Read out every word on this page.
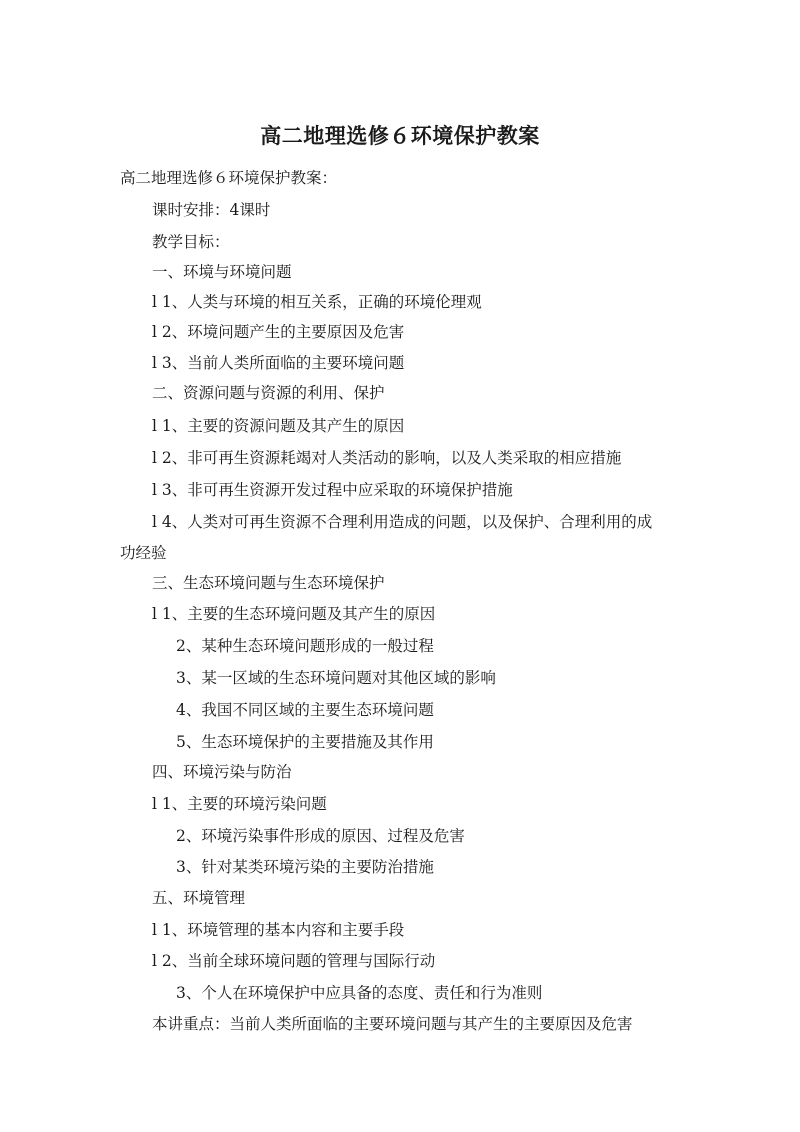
高二地理选修６环境保护教案
高二地理选修６环境保护教案：
课时安排：4课时
教学目标：
一、环境与环境问题
l 1、人类与环境的相互关系，正确的环境伦理观
l 2、环境问题产生的主要原因及危害
l 3、当前人类所面临的主要环境问题
二、资源问题与资源的利用、保护
l 1、主要的资源问题及其产生的原因
l 2、非可再生资源耗竭对人类活动的影响，以及人类采取的相应措施
l 3、非可再生资源开发过程中应采取的环境保护措施
l 4、人类对可再生资源不合理利用造成的问题，以及保护、合理利用的成
功经验
三、生态环境问题与生态环境保护
l 1、主要的生态环境问题及其产生的原因
2、某种生态环境问题形成的一般过程
3、某一区域的生态环境问题对其他区域的影响
4、我国不同区域的主要生态环境问题
5、生态环境保护的主要措施及其作用
四、环境污染与防治
l 1、主要的环境污染问题
2、环境污染事件形成的原因、过程及危害
3、针对某类环境污染的主要防治措施
五、环境管理
l 1、环境管理的基本内容和主要手段
l 2、当前全球环境问题的管理与国际行动
3、个人在环境保护中应具备的态度、责任和行为准则
本讲重点：当前人类所面临的主要环境问题与其产生的主要原因及危害
